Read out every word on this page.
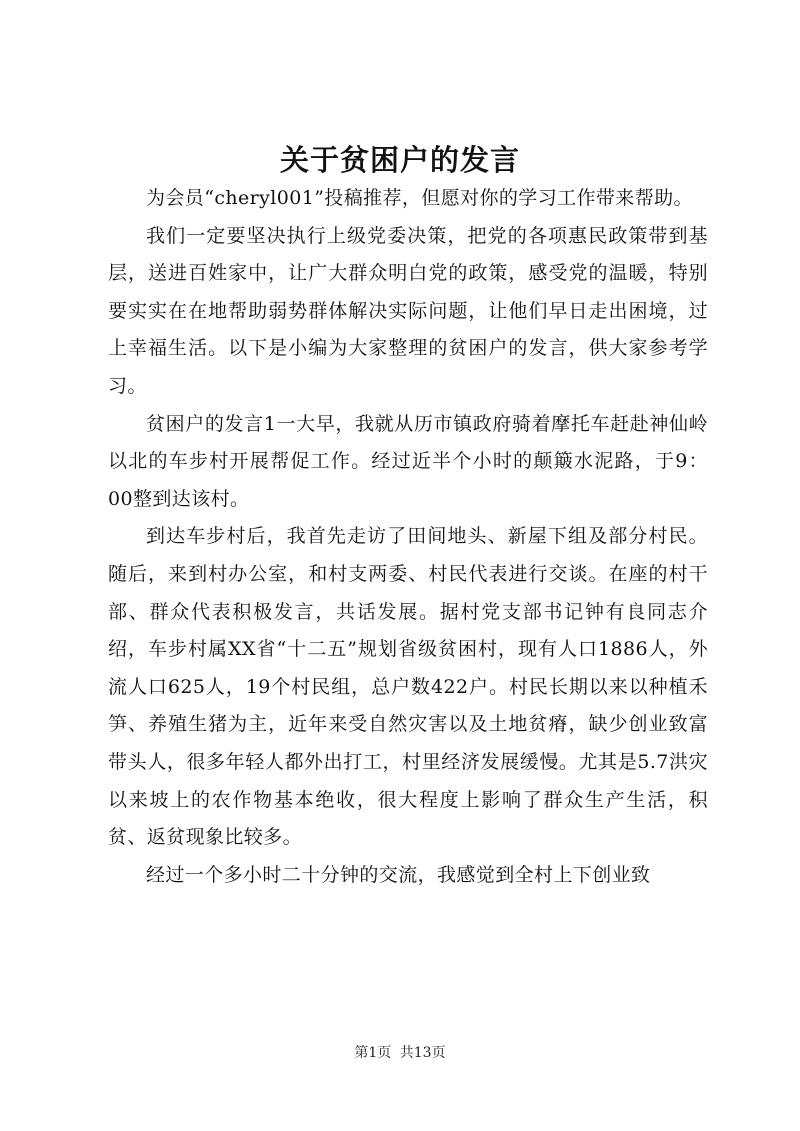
关于贫困户的发言

为会员“cheryl001”投稿推荐，但愿对你的学习工作带来帮助。

我们一定要坚决执行上级党委决策，把党的各项惠民政策带到基层，送进百姓家中，让广大群众明白党的政策，感受党的温暖，特别要实实在在地帮助弱势群体解决实际问题，让他们早日走出困境，过上幸福生活。以下是小编为大家整理的贫困户的发言，供大家参考学习。

贫困户的发言1一大早，我就从历市镇政府骑着摩托车赶赴神仙岭以北的车步村开展帮促工作。经过近半个小时的颠簸水泥路，于9：00整到达该村。

到达车步村后，我首先走访了田间地头、新屋下组及部分村民。随后，来到村办公室，和村支两委、村民代表进行交谈。在座的村干部、群众代表积极发言，共话发展。据村党支部书记钟有良同志介绍，车步村属XX省“十二五”规划省级贫困村，现有人口1886人，外流人口625人，19个村民组，总户数422户。村民长期以来以种植禾笋、养殖生猪为主，近年来受自然灾害以及土地贫瘠，缺少创业致富带头人，很多年轻人都外出打工，村里经济发展缓慢。尤其是5.7洪灾以来坡上的农作物基本绝收，很大程度上影响了群众生产生活，积贫、返贫现象比较多。

经过一个多小时二十分钟的交流，我感觉到全村上下创业致

第1页 共13页
